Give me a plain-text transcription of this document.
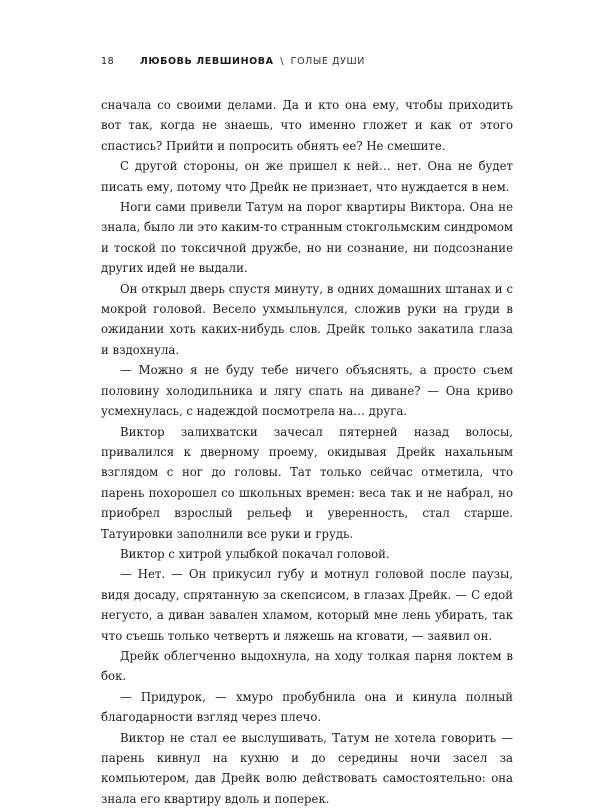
18	ЛЮБОВЬ ЛЕВШИНОВА \ ГОЛЫЕ ДУШИ

сначала со своими делами. Да и кто она ему, чтобы приходить вот так, когда не знаешь, что именно гложет и как от этого спастись? Прийти и попросить обнять ее? Не смешите.

С другой стороны, он же пришел к ней… нет. Она не будет писать ему, потому что Дрейк не признает, что нуждается в нем.

Ноги сами привели Татум на порог квартиры Виктора. Она не знала, было ли это каким-то странным стокгольмским синдромом и тоской по токсичной дружбе, но ни сознание, ни подсознание других идей не выдали.

Он открыл дверь спустя минуту, в одних домашних штанах и с мокрой головой. Весело ухмыльнулся, сложив руки на груди в ожидании хоть каких-нибудь слов. Дрейк только закатила глаза и вздохнула.

— Можно я не буду тебе ничего объяснять, а просто съем половину холодильника и лягу спать на диване? — Она криво усмехнулась, с надеждой посмотрела на… друга.

Виктор залихватски зачесал пятерней назад волосы, привалился к дверному проему, окидывая Дрейк нахальным взглядом с ног до головы. Тат только сейчас отметила, что парень похорошел со школьных времен: веса так и не набрал, но приобрел взрослый рельеф и уверенность, стал старше. Татуировки заполнили все руки и грудь.

Виктор с хитрой улыбкой покачал головой.

— Нет. — Он прикусил губу и мотнул головой после паузы, видя досаду, спрятанную за скепсисом, в глазах Дрейк. — С едой негусто, а диван завален хламом, который мне лень убирать, так что съешь только четвертъ и ляжешь на кговати, — заявил он.

Дрейк облегченно выдохнула, на ходу толкая парня локтем в бок.

— Придурок, — хмуро пробубнила она и кинула полный благодарности взгляд через плечо.

Виктор не стал ее выслушивать, Татум не хотела говорить — парень кивнул на кухню и до середины ночи засел за компьютером, дав Дрейк волю действовать самостоятельно: она знала его квартиру вдоль и поперек.
